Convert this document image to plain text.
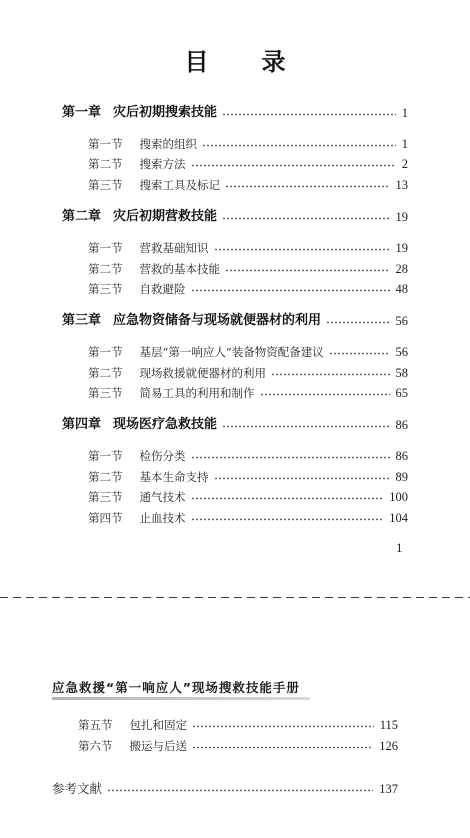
目录
第一章 灾后初期搜索技能	1
第一节 搜索的组织	1
第二节 搜索方法	2
第三节 搜索工具及标记	13
第二章 灾后初期营救技能	19
第一节 营救基础知识	19
第二节 营救的基本技能	28
第三节 自救避险	48
第三章 应急物资储备与现场就便器材的利用	56
第一节 基层“第一响应人”装备物资配备建议	56
第二节 现场救援就便器材的利用	58
第三节 简易工具的利用和制作	65
第四章 现场医疗急救技能	86
第一节 检伤分类	86
第二节 基本生命支持	89
第三节 通气技术	100
第四节 止血技术	104
1
应急救援“第一响应人”现场搜救技能手册
第五节 包扎和固定	115
第六节 搬运与后送	126
参考文献	137
